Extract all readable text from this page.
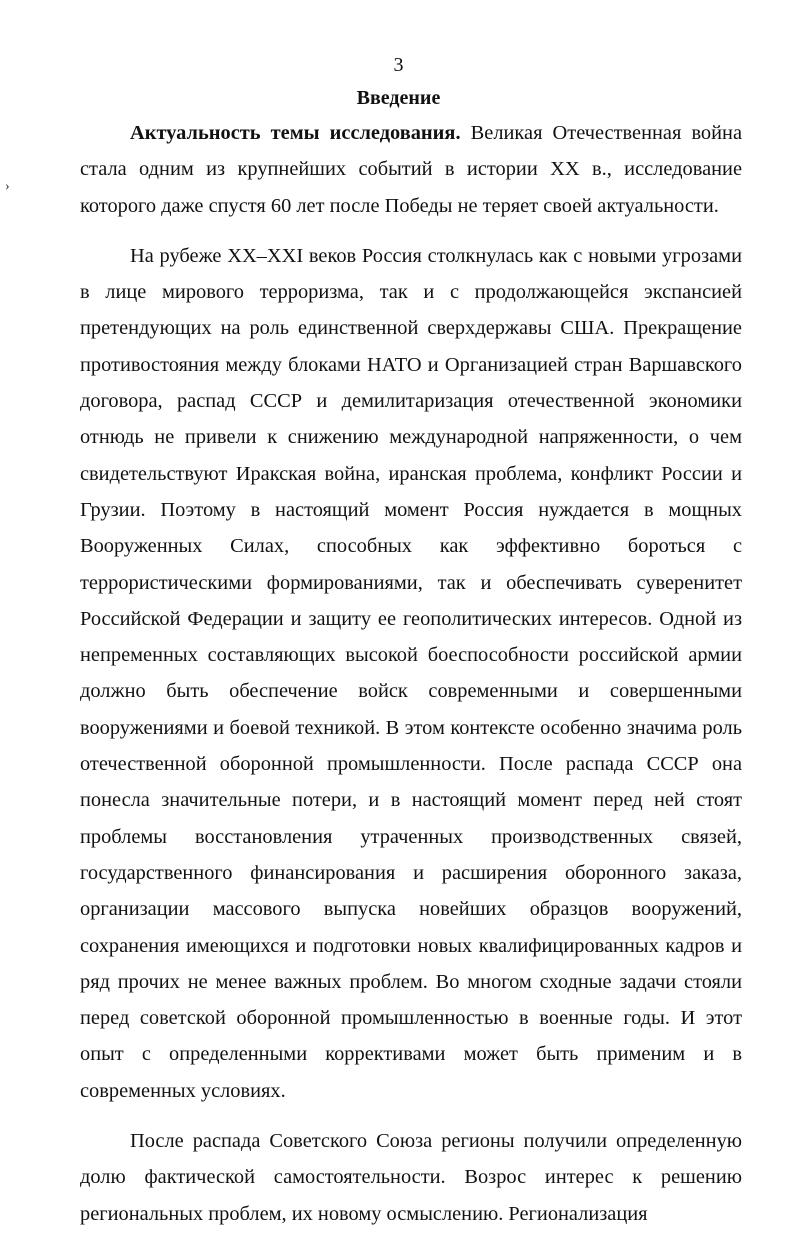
3
›
Введение

Актуальность темы исследования. Великая Отечественная война стала одним из крупнейших событий в истории XX в., исследование которого даже спустя 60 лет после Победы не теряет своей актуальности.

На рубеже XX–XXI веков Россия столкнулась как с новыми угрозами в лице мирового терроризма, так и с продолжающейся экспансией претендующих на роль единственной сверхдержавы США. Прекращение противостояния между блоками НАТО и Организацией стран Варшавского договора, распад СССР и демилитаризация отечественной экономики отнюдь не привели к снижению международной напряженности, о чем свидетельствуют Иракская война, иранская проблема, конфликт России и Грузии. Поэтому в настоящий момент Россия нуждается в мощных Вооруженных Силах, способных как эффективно бороться с террористическими формированиями, так и обеспечивать суверенитет Российской Федерации и защиту ее геополитических интересов. Одной из непременных составляющих высокой боеспособности российской армии должно быть обеспечение войск современными и совершенными вооружениями и боевой техникой. В этом контексте особенно значима роль отечественной оборонной промышленности. После распада СССР она понесла значительные потери, и в настоящий момент перед ней стоят проблемы восстановления утраченных производственных связей, государственного финансирования и расширения оборонного заказа, организации массового выпуска новейших образцов вооружений, сохранения имеющихся и подготовки новых квалифицированных кадров и ряд прочих не менее важных проблем. Во многом сходные задачи стояли перед советской оборонной промышленностью в военные годы. И этот опыт с определенными коррективами может быть применим и в современных условиях.

После распада Советского Союза регионы получили определенную долю фактической самостоятельности. Возрос интерес к решению региональных проблем, их новому осмыслению. Регионализация
